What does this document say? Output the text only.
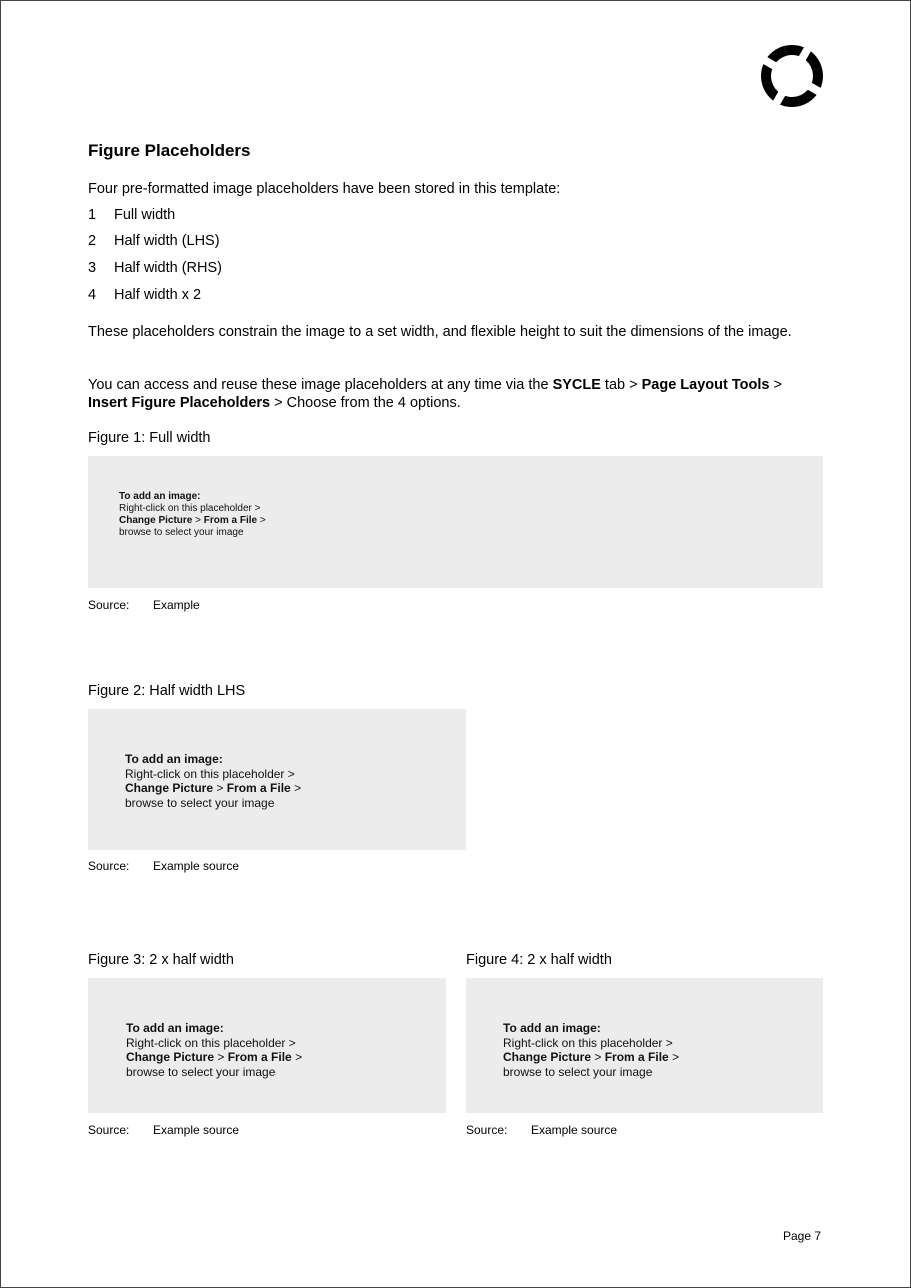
Figure Placeholders

Four pre-formatted image placeholders have been stored in this template:

1 Full width
2 Half width (LHS)
3 Half width (RHS)
4 Half width x 2

These placeholders constrain the image to a set width, and flexible height to suit the dimensions of the image.

You can access and reuse these image placeholders at any time via the SYCLE tab > Page Layout Tools > Insert Figure Placeholders > Choose from the 4 options.

Figure 1: Full width
To add an image:
Right-click on this placeholder >
Change Picture > From a File >
browse to select your image
Source: Example
Figure 2: Half width LHS
To add an image:
Right-click on this placeholder >
Change Picture > From a File >
browse to select your image
Source: Example source
Figure 3: 2 x half width
To add an image:
Right-click on this placeholder >
Change Picture > From a File >
browse to select your image
Source: Example source
Figure 4: 2 x half width
To add an image:
Right-click on this placeholder >
Change Picture > From a File >
browse to select your image
Source: Example source
Page 7
